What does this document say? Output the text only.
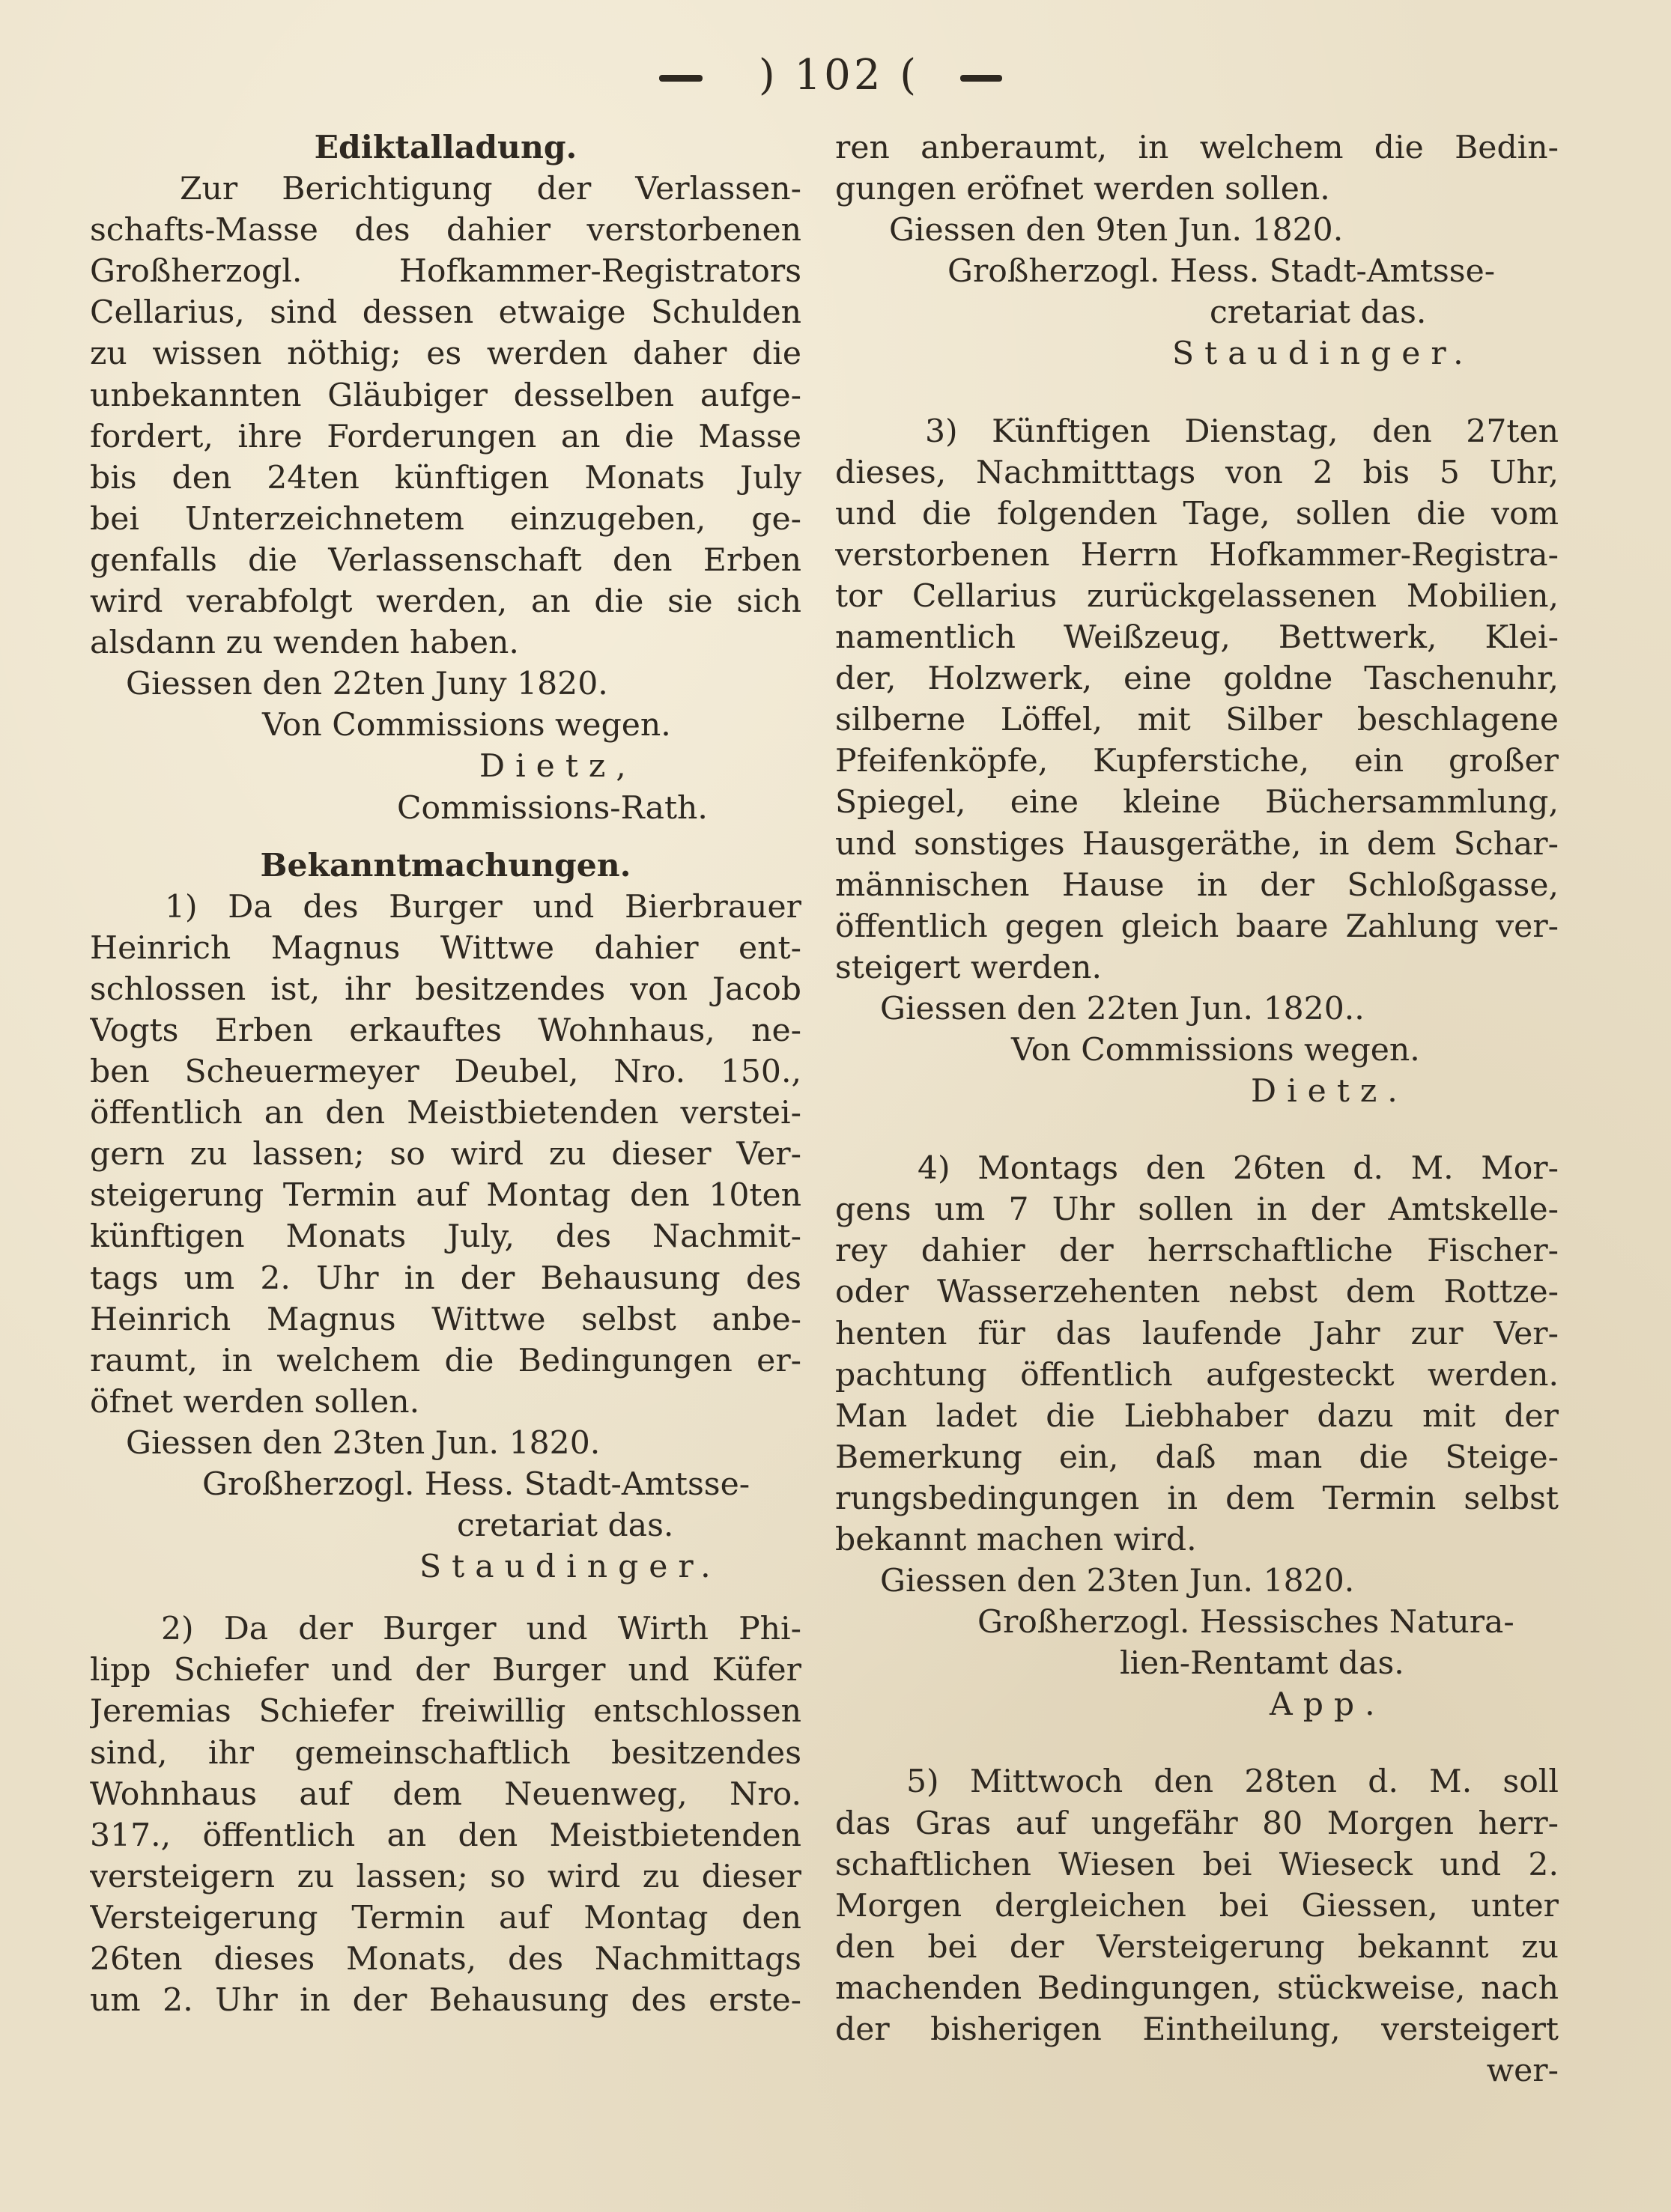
) 102 (
Ediktalladung.
Zur Berichtigung der Verlassen-
schafts-Masse des dahier verstorbenen
Großherzogl. Hofkammer-Registrators
Cellarius, sind dessen etwaige Schulden
zu wissen nöthig; es werden daher die
unbekannten Gläubiger desselben aufge-
fordert, ihre Forderungen an die Masse
bis den 24ten künftigen Monats July
bei Unterzeichnetem einzugeben, ge-
genfalls die Verlassenschaft den Erben
wird verabfolgt werden, an die sie sich
alsdann zu wenden haben.
Giessen den 22ten Juny 1820.
Von Commissions wegen.
Dietz,
Commissions-Rath.
Bekanntmachungen.
1) Da des Burger und Bierbrauer
Heinrich Magnus Wittwe dahier ent-
schlossen ist, ihr besitzendes von Jacob
Vogts Erben erkauftes Wohnhaus, ne-
ben Scheuermeyer Deubel, Nro. 150.,
öffentlich an den Meistbietenden verstei-
gern zu lassen; so wird zu dieser Ver-
steigerung Termin auf Montag den 10ten
künftigen Monats July, des Nachmit-
tags um 2. Uhr in der Behausung des
Heinrich Magnus Wittwe selbst anbe-
raumt, in welchem die Bedingungen er-
öfnet werden sollen.
Giessen den 23ten Jun. 1820.
Großherzogl. Hess. Stadt-Amtsse-
cretariat das.
Staudinger.
2) Da der Burger und Wirth Phi-
lipp Schiefer und der Burger und Küfer
Jeremias Schiefer freiwillig entschlossen
sind, ihr gemeinschaftlich besitzendes
Wohnhaus auf dem Neuenweg, Nro.
317., öffentlich an den Meistbietenden
versteigern zu lassen; so wird zu dieser
Versteigerung Termin auf Montag den
26ten dieses Monats, des Nachmittags
um 2. Uhr in der Behausung des erste-
ren anberaumt, in welchem die Bedin-
gungen eröfnet werden sollen.
Giessen den 9ten Jun. 1820.
Großherzogl. Hess. Stadt-Amtsse-
cretariat das.
Staudinger.
3) Künftigen Dienstag, den 27ten
dieses, Nachmitttags von 2 bis 5 Uhr,
und die folgenden Tage, sollen die vom
verstorbenen Herrn Hofkammer-Registra-
tor Cellarius zurückgelassenen Mobilien,
namentlich Weißzeug, Bettwerk, Klei-
der, Holzwerk, eine goldne Taschenuhr,
silberne Löffel, mit Silber beschlagene
Pfeifenköpfe, Kupferstiche, ein großer
Spiegel, eine kleine Büchersammlung,
und sonstiges Hausgeräthe, in dem Schar-
männischen Hause in der Schloßgasse,
öffentlich gegen gleich baare Zahlung ver-
steigert werden.
Giessen den 22ten Jun. 1820..
Von Commissions wegen.
Dietz.
4) Montags den 26ten d. M. Mor-
gens um 7 Uhr sollen in der Amtskelle-
rey dahier der herrschaftliche Fischer-
oder Wasserzehenten nebst dem Rottze-
henten für das laufende Jahr zur Ver-
pachtung öffentlich aufgesteckt werden.
Man ladet die Liebhaber dazu mit der
Bemerkung ein, daß man die Steige-
rungsbedingungen in dem Termin selbst
bekannt machen wird.
Giessen den 23ten Jun. 1820.
Großherzogl. Hessisches Natura-
lien-Rentamt das.
App.
5) Mittwoch den 28ten d. M. soll
das Gras auf ungefähr 80 Morgen herr-
schaftlichen Wiesen bei Wieseck und 2.
Morgen dergleichen bei Giessen, unter
den bei der Versteigerung bekannt zu
machenden Bedingungen, stückweise, nach
der bisherigen Eintheilung, versteigert
wer-
